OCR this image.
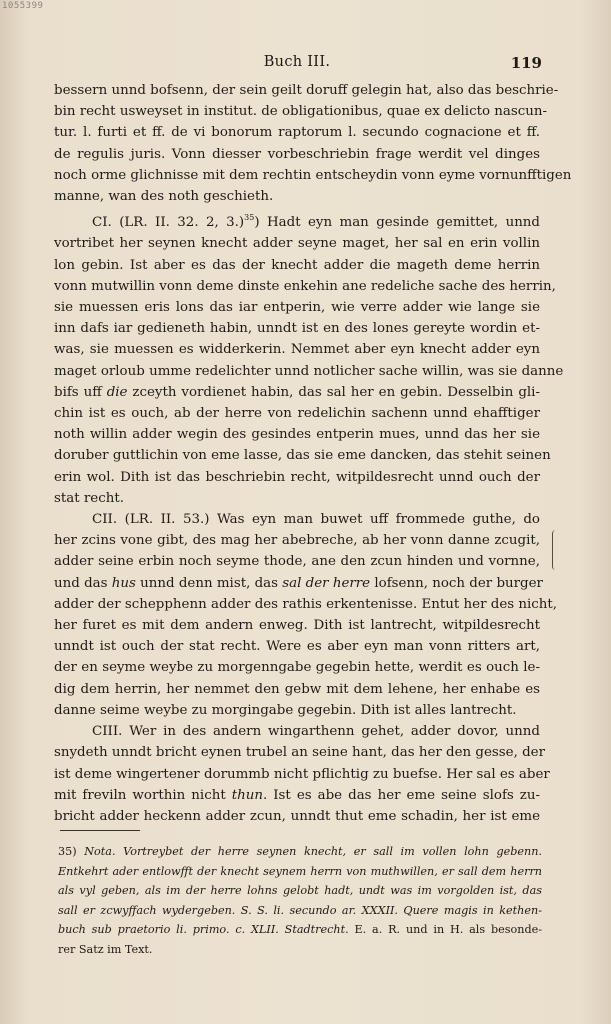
1055399
Buch III.	119
bessern unnd bofsenn, der sein geilt doruff gelegin hat, also das beschrie-
bin recht usweyset in institut. de obligationibus, quae ex delicto nascun-
tur. l. furti et ff. de vi bonorum raptorum l. secundo cognacione et ff.
de regulis juris. Vonn diesser vorbeschriebin frage werdit vel dinges
noch orme glichnisse mit dem rechtin entscheydin vonn eyme vornunfftigen
manne, wan des noth geschieth.
CI. (LR. II. 32. 2, 3.)$^{35}$) Hadt eyn man gesinde gemittet, unnd
vortribet her seynen knecht adder seyne maget, her sal en erin vollin
lon gebin. Ist aber es das der knecht adder die mageth deme herrin
vonn mutwillin vonn deme dinste enkehin ane redeliche sache des herrin,
sie muessen eris lons das iar entperin, wie verre adder wie lange sie
inn dafs iar gedieneth habin, unndt ist en des lones gereyte wordin et-
was, sie muessen es widderkerin. Nemmet aber eyn knecht adder eyn
maget orloub umme redelichter unnd notlicher sache willin, was sie danne
bifs uff die zceyth vordienet habin, das sal her en gebin. Desselbin gli-
chin ist es ouch, ab der herre von redelichin sachenn unnd ehafftiger
noth willin adder wegin des gesindes entperin mues, unnd das her sie
doruber guttlichin von eme lasse, das sie eme dancken, das stehit seinen
erin wol. Dith ist das beschriebin recht, witpildesrecht unnd ouch der
stat recht.
CII. (LR. II. 53.) Was eyn man buwet uff frommede guthe, do
her zcins vone gibt, des mag her abebreche, ab her vonn danne zcugit,
adder seine erbin noch seyme thode, ane den zcun hinden und vornne,
und das hus unnd denn mist, das sal der herre lofsenn, noch der burger
adder der schepphenn adder des rathis erkentenisse. Entut her des nicht,
her furet es mit dem andern enweg. Dith ist lantrecht, witpildesrecht
unndt ist ouch der stat recht. Were es aber eyn man vonn ritters art,
der en seyme weybe zu morgenngabe gegebin hette, werdit es ouch le-
dig dem herrin, her nemmet den gebw mit dem lehene, her enhabe es
danne seime weybe zu morgingabe gegebin. Dith ist alles lantrecht.
CIII. Wer in des andern wingarthenn gehet, adder dovor, unnd
snydeth unndt bricht eynen trubel an seine hant, das her den gesse, der
ist deme wingertener dorummb nicht pflichtig zu buefse. Her sal es aber
mit freviln worthin nicht thun. Ist es abe das her eme seine slofs zu-
bricht adder heckenn adder zcun, unndt thut eme schadin, her ist eme
35) Nota. Vortreybet der herre seynen knecht, er sall im vollen lohn gebenn.
Entkehrt ader entlowfft der knecht seynem herrn von muthwillen, er sall dem herrn
als vyl geben, als im der herre lohns gelobt hadt, undt was im vorgolden ist, das
sall er zcwyffach wydergeben. S. S. li. secundo ar. XXXII. Quere magis in kethen-
buch sub praetorio li. primo. c. XLII. Stadtrecht. E. a. R. und in H. als besonde-
rer Satz im Text.
